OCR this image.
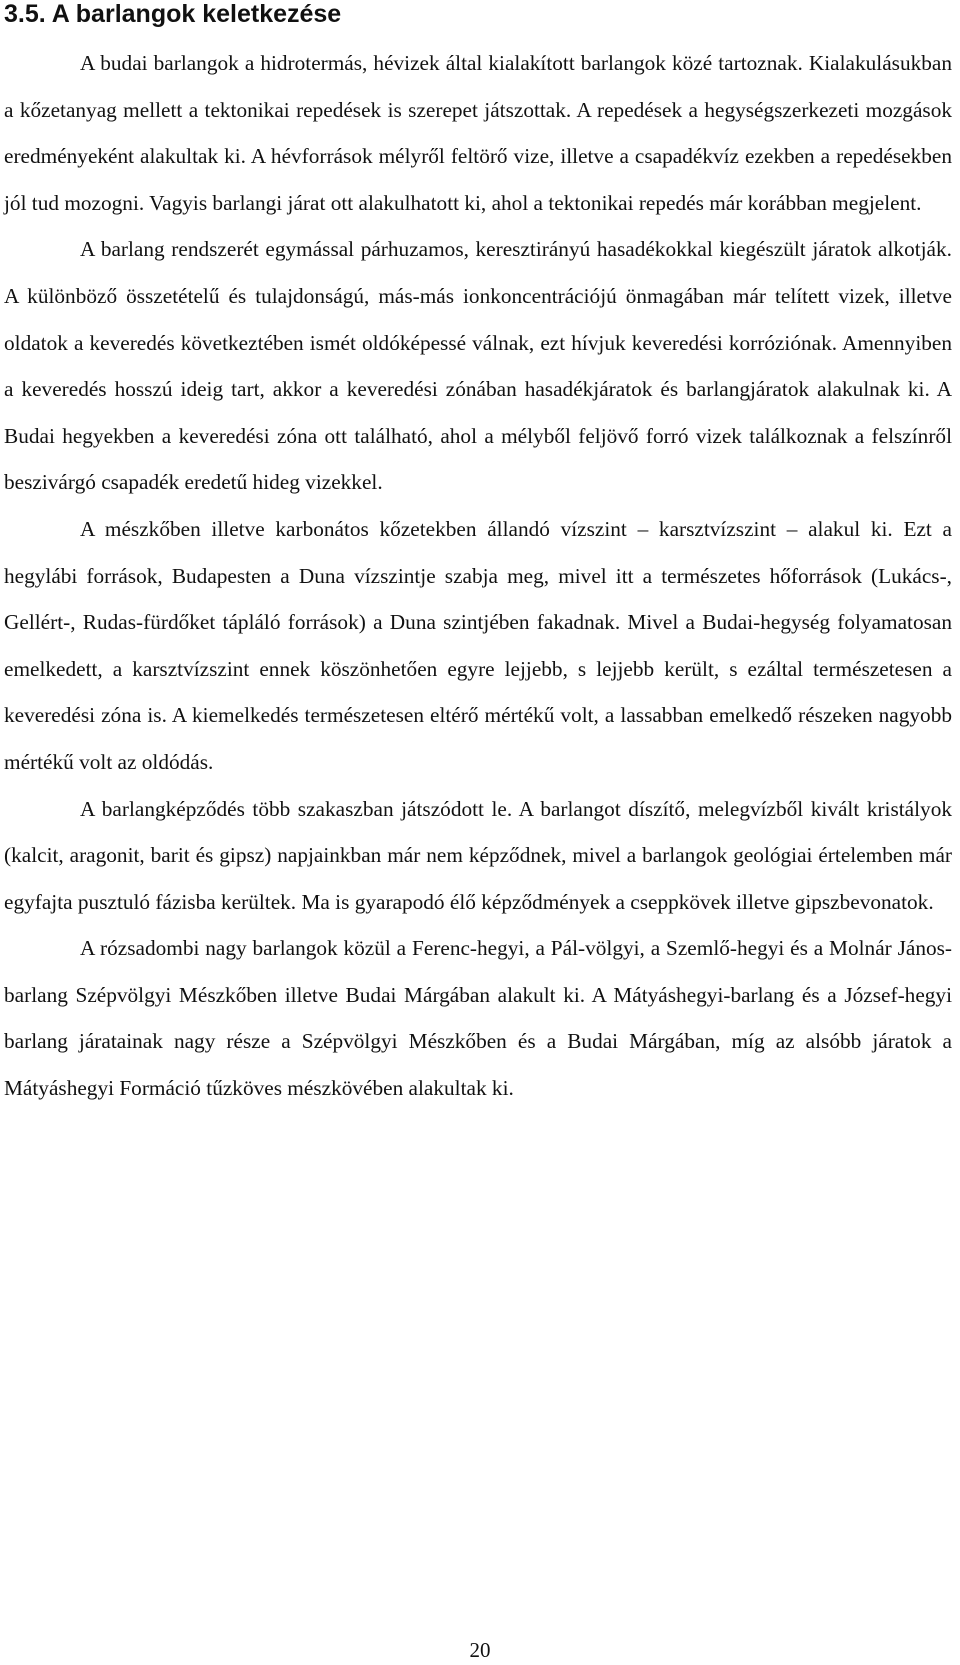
3.5. A barlangok keletkezése

A budai barlangok a hidrotermás, hévizek által kialakított barlangok közé tartoznak. Kialakulásukban a kőzetanyag mellett a tektonikai repedések is szerepet játszottak. A repedések a hegységszerkezeti mozgások eredményeként alakultak ki. A hévforrások mélyről feltörő vize, illetve a csapadékvíz ezekben a repedésekben jól tud mozogni. Vagyis barlangi járat ott alakulhatott ki, ahol a tektonikai repedés már korábban megjelent.

A barlang rendszerét egymással párhuzamos, keresztirányú hasadékokkal kiegészült járatok alkotják. A különböző összetételű és tulajdonságú, más-más ionkoncentrációjú önmagában már telített vizek, illetve oldatok a keveredés következtében ismét oldóképessé válnak, ezt hívjuk keveredési korróziónak. Amennyiben a keveredés hosszú ideig tart, akkor a keveredési zónában hasadékjáratok és barlangjáratok alakulnak ki. A Budai hegyekben a keveredési zóna ott található, ahol a mélyből feljövő forró vizek találkoznak a felszínről beszivárgó csapadék eredetű hideg vizekkel.

A mészkőben illetve karbonátos kőzetekben állandó vízszint – karsztvízszint – alakul ki. Ezt a hegylábi források, Budapesten a Duna vízszintje szabja meg, mivel itt a természetes hőforrások (Lukács-, Gellért-, Rudas-fürdőket tápláló források) a Duna szintjében fakadnak. Mivel a Budai-hegység folyamatosan emelkedett, a karsztvízszint ennek köszönhetően egyre lejjebb, s lejjebb került, s ezáltal természetesen a keveredési zóna is. A kiemelkedés természetesen eltérő mértékű volt, a lassabban emelkedő részeken nagyobb mértékű volt az oldódás.

A barlangképződés több szakaszban játszódott le. A barlangot díszítő, melegvízből kivált kristályok (kalcit, aragonit, barit és gipsz) napjainkban már nem képződnek, mivel a barlangok geológiai értelemben már egyfajta pusztuló fázisba kerültek. Ma is gyarapodó élő képződmények a cseppkövek illetve gipszbevonatok.

A rózsadombi nagy barlangok közül a Ferenc-hegyi, a Pál-völgyi, a Szemlő-hegyi és a Molnár János-barlang Szépvölgyi Mészkőben illetve Budai Márgában alakult ki. A Mátyáshegyi-barlang és a József-hegyi barlang járatainak nagy része a Szépvölgyi Mészkőben és a Budai Márgában, míg az alsóbb járatok a Mátyáshegyi Formáció tűzköves mészkövében alakultak ki.

20
